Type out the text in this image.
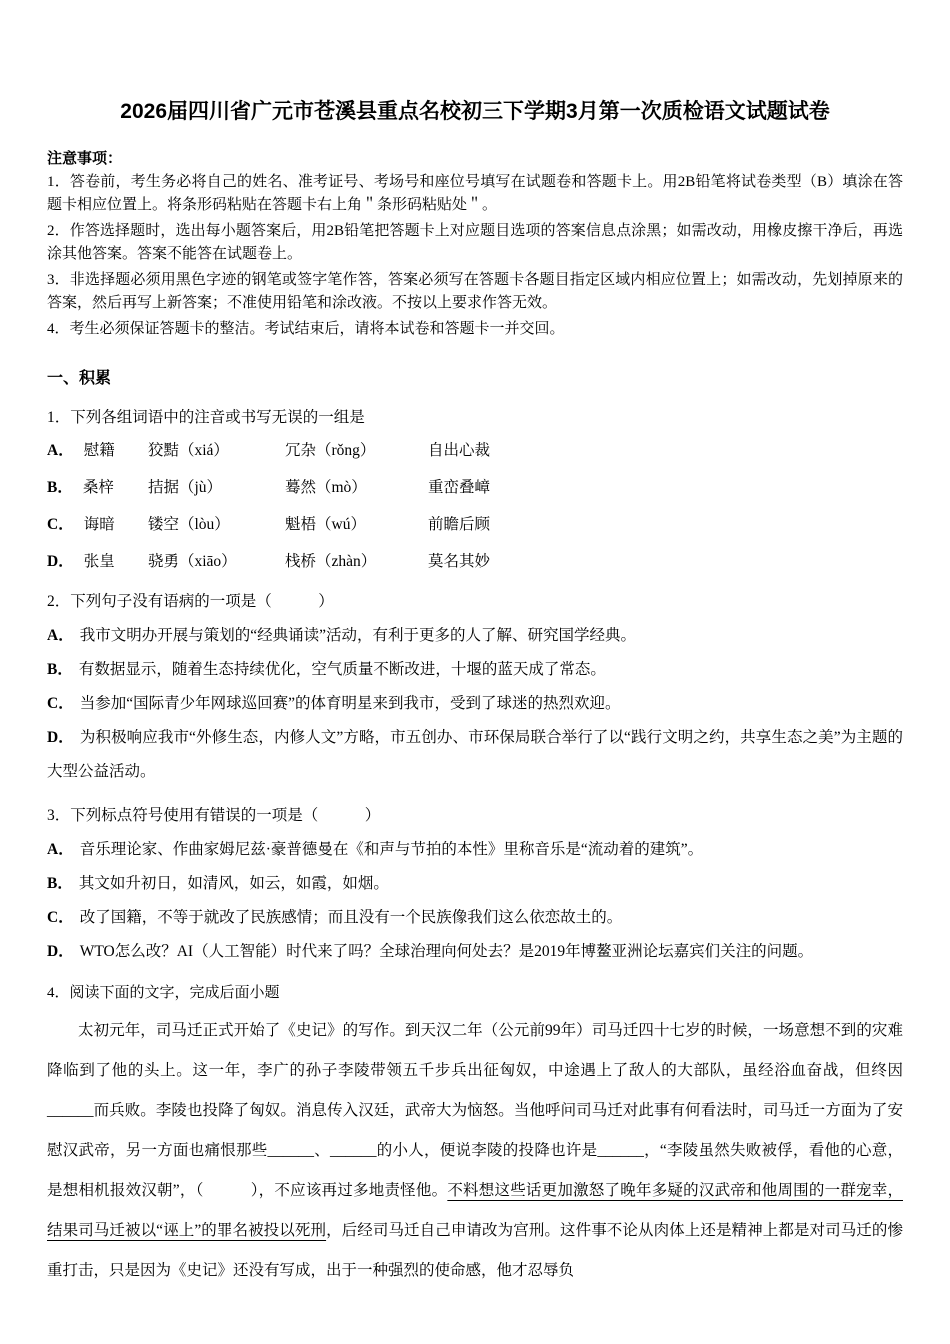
2026届四川省广元市苍溪县重点名校初三下学期3月第一次质检语文试题试卷
注意事项：

1．答卷前，考生务必将自己的姓名、准考证号、考场号和座位号填写在试题卷和答题卡上。用2B铅笔将试卷类型（B）填涂在答题卡相应位置上。将条形码粘贴在答题卡右上角＂条形码粘贴处＂。

2．作答选择题时，选出每小题答案后，用2B铅笔把答题卡上对应题目选项的答案信息点涂黑；如需改动，用橡皮擦干净后，再选涂其他答案。答案不能答在试题卷上。

3．非选择题必须用黑色字迹的钢笔或签字笔作答，答案必须写在答题卡各题目指定区域内相应位置上；如需改动，先划掉原来的答案，然后再写上新答案；不准使用铅笔和涂改液。不按以上要求作答无效。

4．考生必须保证答题卡的整洁。考试结束后，请将本试卷和答题卡一并交回。

一、积累

1．下列各组词语中的注音或书写无误的一组是

A． 慰籍	狡黠（xiá）	冗杂（rǒng）	自出心裁
B． 桑梓	拮据（jù）	蓦然（mò）	重峦叠嶂
C． 诲暗	镂空（lòu）	魁梧（wú）	前瞻后顾
D． 张皇	骁勇（xiāo）	栈桥（zhàn）	莫名其妙

2．下列句子没有语病的一项是（　　　）

A． 我市文明办开展与策划的“经典诵读”活动，有利于更多的人了解、研究国学经典。

B． 有数据显示，随着生态持续优化，空气质量不断改进，十堰的蓝天成了常态。

C． 当参加“国际青少年网球巡回赛”的体育明星来到我市，受到了球迷的热烈欢迎。

D． 为积极响应我市“外修生态，内修人文”方略，市五创办、市环保局联合举行了以“践行文明之约，共享生态之美”为主题的大型公益活动。

3．下列标点符号使用有错误的一项是（　　　）

A． 音乐理论家、作曲家姆尼兹·豪普德曼在《和声与节拍的本性》里称音乐是“流动着的建筑”。

B． 其文如升初日，如清风，如云，如霞，如烟。

C． 改了国籍，不等于就改了民族感情；而且没有一个民族像我们这么依恋故土的。

D． WTO怎么改？AI（人工智能）时代来了吗？全球治理向何处去？是2019年博鳌亚洲论坛嘉宾们关注的问题。

4．阅读下面的文字，完成后面小题

太初元年，司马迁正式开始了《史记》的写作。到天汉二年（公元前99年）司马迁四十七岁的时候，一场意想不到的灾难降临到了他的头上。这一年，李广的孙子李陵带领五千步兵出征匈奴，中途遇上了敌人的大部队，虽经浴血奋战，但终因______而兵败。李陵也投降了匈奴。消息传入汉廷，武帝大为恼怒。当他呼问司马迁对此事有何看法时，司马迁一方面为了安慰汉武帝，另一方面也痛恨那些______、______的小人，便说李陵的投降也许是______，“李陵虽然失败被俘，看他的心意，是想相机报效汉朝”，（　　　），不应该再过多地责怪他。不料想这些话更加激怒了晚年多疑的汉武帝和他周围的一群宠幸，结果司马迁被以“诬上”的罪名被投以死刑，后经司马迁自己申请改为宫刑。这件事不论从肉体上还是精神上都是对司马迁的惨重打击，只是因为《史记》还没有写成，出于一种强烈的使命感，他才忍辱负
